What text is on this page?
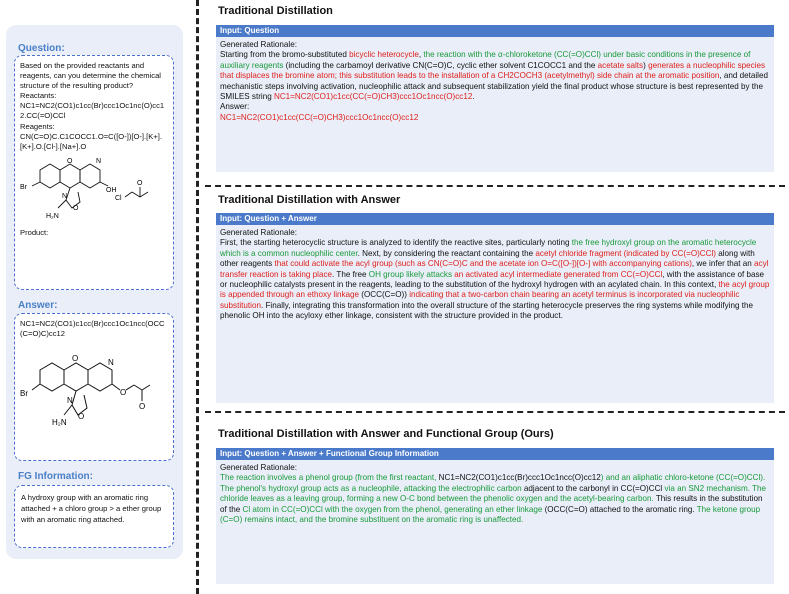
Question:
Based on the provided reactants and reagents, can you determine the chemical structure of the resulting product?
Reactants:
NC1=NC2(CO1)c1cc(Br)ccc1Oc1nc(O)cc12.CC(=O)CCl
Reagents:
CN(C=O)C.C1COCC1.O=C([O-])[O-].[K+].[K+].O.[Cl-].[Na+].O
Br
O	N
OH
N
O
H₂N
Cl
O
Product:
Answer:
NC1=NC2(CO1)c1cc(Br)ccc1Oc1ncc(OCC(C=O)C)cc12
Br
O	N
N
O
H₂N
O
O
FG Information:
A hydroxy group with an aromatic ring attached + a chloro group > a ether group with an aromatic ring attached.
Traditional Distillation
Input: Question
Generated Rationale:
Starting from the bromo-substituted bicyclic heterocycle, the reaction with the α-chloroketone (CC(=O)CCl) under basic conditions in the presence of auxiliary reagents (including the carbamoyl derivative CN(C=O)C, cyclic ether solvent C1COCC1 and the acetate salts) generates a nucleophilic species that displaces the bromine atom; this substitution leads to the installation of a CH2COCH3 (acetylmethyl) side chain at the aromatic position, and detailed mechanistic steps involving activation, nucleophilic attack and subsequent stabilization yield the final product whose structure is best represented by the SMILES string NC1=NC2(CO1)c1cc(CC(=O)CH3)ccc1Oc1ncc(O)cc12.
Answer:
NC1=NC2(CO1)c1cc(CC(=O)CH3)ccc1Oc1ncc(O)cc12
Traditional Distillation with Answer
Input: Question + Answer
Generated Rationale:
First, the starting heterocyclic structure is analyzed to identify the reactive sites, particularly noting the free hydroxyl group on the aromatic heterocycle which is a common nucleophilic center. Next, by considering the reactant containing the acetyl chloride fragment (indicated by CC(=O)CCl) along with other reagents that could activate the acyl group (such as CN(C=O)C and the acetate ion O=C([O-])[O-] with accompanying cations), we infer that an acyl transfer reaction is taking place. The free OH group likely attacks an activated acyl intermediate generated from CC(=O)CCl, with the assistance of base or nucleophilic catalysts present in the reagents, leading to the substitution of the hydroxyl hydrogen with an acylated chain. In this context, the acyl group is appended through an ethoxy linkage (OCC(C=O)) indicating that a two-carbon chain bearing an acetyl terminus is incorporated via nucleophilic substitution. Finally, integrating this transformation into the overall structure of the starting heterocycle preserves the ring systems while modifying the phenolic OH into the acyloxy ether linkage, consistent with the structure provided in the product.
Traditional Distillation with Answer and Functional Group (Ours)
Input: Question + Answer + Functional Group Information
Generated Rationale:
The reaction involves a phenol group (from the first reactant, NC1=NC2(CO1)c1cc(Br)ccc1Oc1ncc(O)cc12) and an aliphatic chloro-ketone (CC(=O)CCl). The phenol's hydroxyl group acts as a nucleophile, attacking the electrophilic carbon adjacent to the carbonyl in CC(=O)CCl via an SN2 mechanism. The chloride leaves as a leaving group, forming a new O-C bond between the phenolic oxygen and the acetyl-bearing carbon. This results in the substitution of the Cl atom in CC(=O)CCl with the oxygen from the phenol, generating an ether linkage (OCC(C=O) attached to the aromatic ring. The ketone group (C=O) remains intact, and the bromine substituent on the aromatic ring is unaffected.
